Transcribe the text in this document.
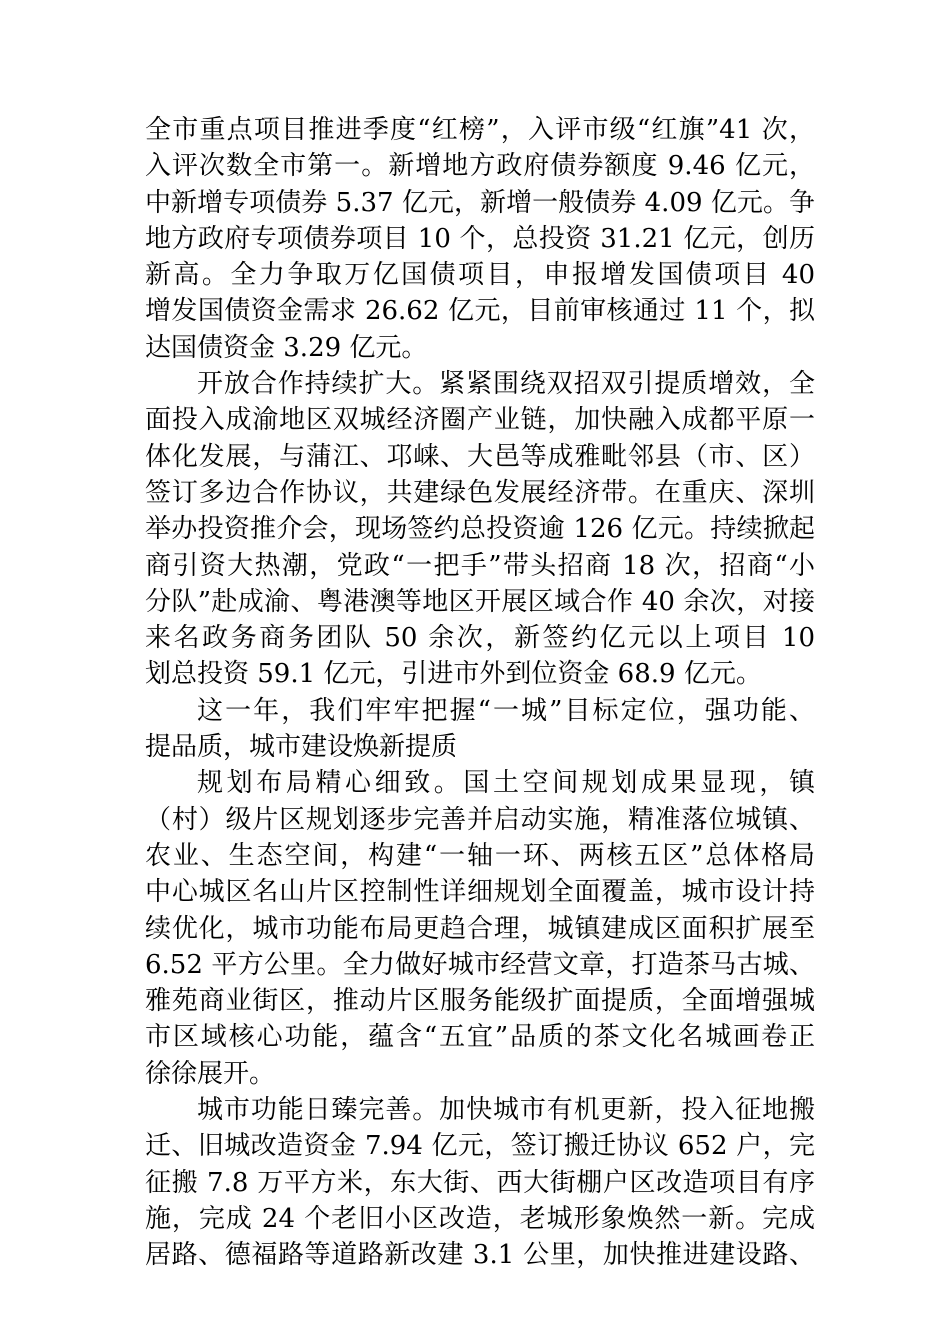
全市重点项目推进季度“红榜”，入评市级“红旗”41 次，
入评次数全市第一。新增地方政府债券额度 9.46 亿元，
中新增专项债券 5.37 亿元，新增一般债券 4.09 亿元。争
地方政府专项债券项目 10 个，总投资 31.21 亿元，创历
新高。全力争取万亿国债项目，申报增发国债项目 40
增发国债资金需求 26.62 亿元，目前审核通过 11 个，拟
达国债资金 3.29 亿元。
开放合作持续扩大。紧紧围绕双招双引提质增效，全
面投入成渝地区双城经济圈产业链，加快融入成都平原一
体化发展，与蒲江、邛崃、大邑等成雅毗邻县（市、区）
签订多边合作协议，共建绿色发展经济带。在重庆、深圳
举办投资推介会，现场签约总投资逾 126 亿元。持续掀起
商引资大热潮，党政“一把手”带头招商 18 次，招商“小
分队”赴成渝、粤港澳等地区开展区域合作 40 余次，对接
来名政务商务团队 50 余次，新签约亿元以上项目 10
划总投资 59.1 亿元，引进市外到位资金 68.9 亿元。
这一年，我们牢牢把握“一城”目标定位，强功能、
提品质，城市建设焕新提质
规划布局精心细致。国土空间规划成果显现，镇
（村）级片区规划逐步完善并启动实施，精准落位城镇、
农业、生态空间，构建“一轴一环、两核五区”总体格局
中心城区名山片区控制性详细规划全面覆盖，城市设计持
续优化，城市功能布局更趋合理，城镇建成区面积扩展至
6.52 平方公里。全力做好城市经营文章，打造茶马古城、
雅苑商业街区，推动片区服务能级扩面提质，全面增强城
市区域核心功能，蕴含“五宜”品质的茶文化名城画卷正
徐徐展开。
城市功能日臻完善。加快城市有机更新，投入征地搬
迁、旧城改造资金 7.94 亿元，签订搬迁协议 652 户，完
征搬 7.8 万平方米，东大街、西大街棚户区改造项目有序
施，完成 24 个老旧小区改造，老城形象焕然一新。完成
居路、德福路等道路新改建 3.1 公里，加快推进建设路、
